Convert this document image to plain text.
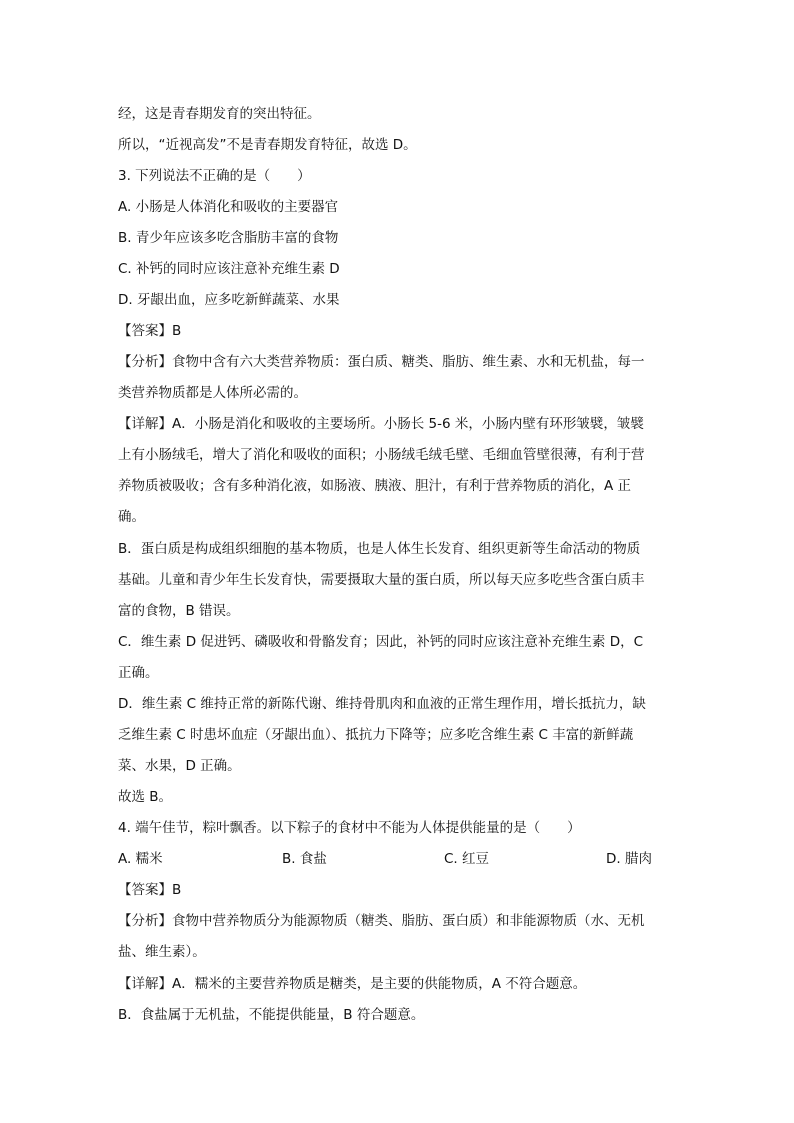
经，这是青春期发育的突出特征。
所以，“近视高发”不是青春期发育特征，故选 D。
3. 下列说法不正确的是（　　）
A. 小肠是人体消化和吸收的主要器官
B. 青少年应该多吃含脂肪丰富的食物
C. 补钙的同时应该注意补充维生素 D
D. 牙龈出血，应多吃新鲜蔬菜、水果
【答案】B
【分析】食物中含有六大类营养物质：蛋白质、糖类、脂肪、维生素、水和无机盐，每一
类营养物质都是人体所必需的。
【详解】A．小肠是消化和吸收的主要场所。小肠长 5-6 米，小肠内壁有环形皱襞，皱襞
上有小肠绒毛，增大了消化和吸收的面积；小肠绒毛绒毛壁、毛细血管壁很薄，有利于营
养物质被吸收；含有多种消化液，如肠液、胰液、胆汁，有利于营养物质的消化，A 正
确。
B．蛋白质是构成组织细胞的基本物质，也是人体生长发育、组织更新等生命活动的物质
基础。儿童和青少年生长发育快，需要摄取大量的蛋白质，所以每天应多吃些含蛋白质丰
富的食物，B 错误。
C．维生素 D 促进钙、磷吸收和骨骼发育；因此，补钙的同时应该注意补充维生素 D，C
正确。
D．维生素 C 维持正常的新陈代谢、维持骨肌肉和血液的正常生理作用，增长抵抗力，缺
乏维生素 C 时患坏血症（牙龈出血）、抵抗力下降等；应多吃含维生素 C 丰富的新鲜蔬
菜、水果，D 正确。
故选 B。
4. 端午佳节，粽叶飘香。以下粽子的食材中不能为人体提供能量的是（　　）
A. 糯米	B. 食盐	C. 红豆	D. 腊肉
【答案】B
【分析】食物中营养物质分为能源物质（糖类、脂肪、蛋白质）和非能源物质（水、无机
盐、维生素）。
【详解】A．糯米的主要营养物质是糖类，是主要的供能物质，A 不符合题意。
B．食盐属于无机盐，不能提供能量，B 符合题意。
